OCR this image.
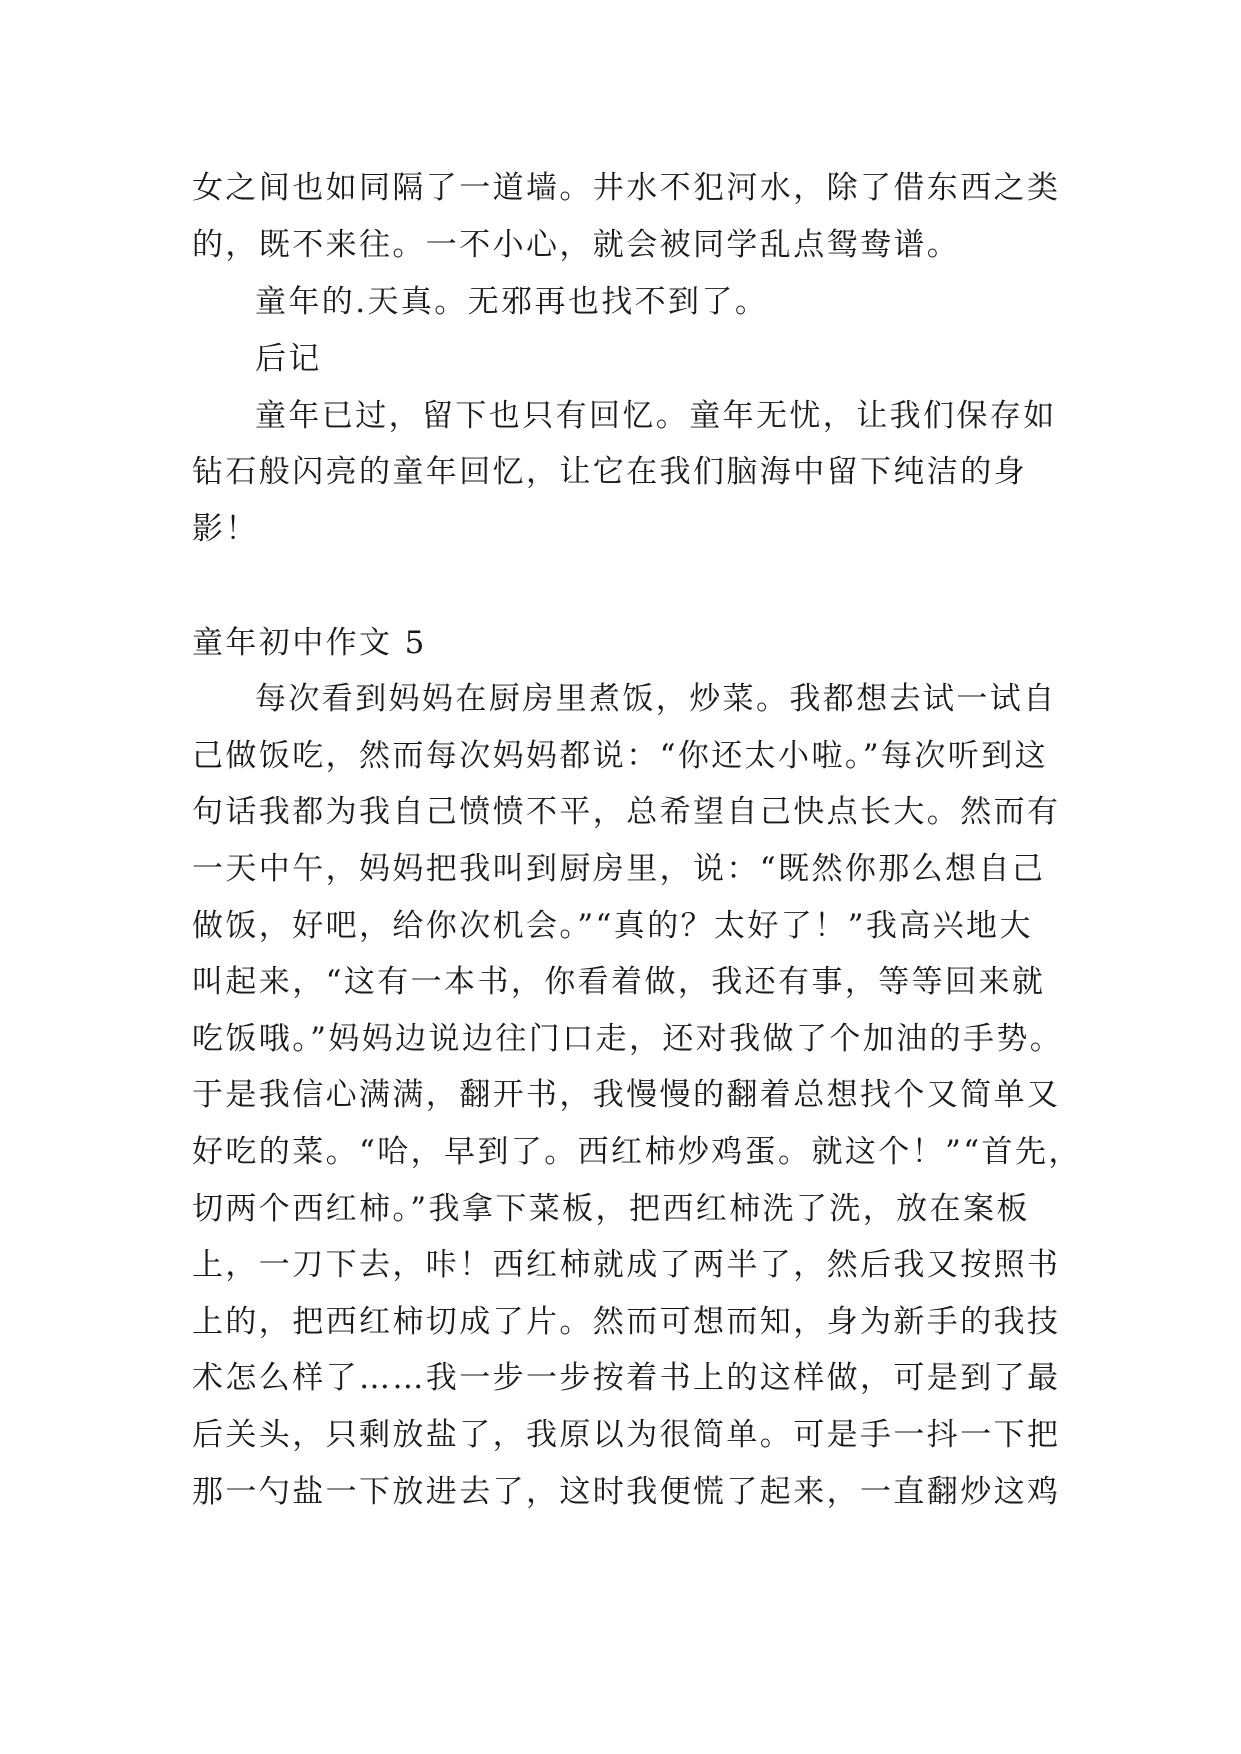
女之间也如同隔了一道墙。井水不犯河水，除了借东西之类
的，既不来往。一不小心，就会被同学乱点鸳鸯谱。
童年的.天真。无邪再也找不到了。
后记
童年已过，留下也只有回忆。童年无忧，让我们保存如
钻石般闪亮的童年回忆，让它在我们脑海中留下纯洁的身
影！
童年初中作文 5
每次看到妈妈在厨房里煮饭，炒菜。我都想去试一试自
己做饭吃，然而每次妈妈都说：“你还太小啦。”每次听到这
句话我都为我自己愤愤不平，总希望自己快点长大。然而有
一天中午，妈妈把我叫到厨房里，说：“既然你那么想自己
做饭，好吧，给你次机会。”“真的？太好了！”我高兴地大
叫起来，“这有一本书，你看着做，我还有事，等等回来就
吃饭哦。”妈妈边说边往门口走，还对我做了个加油的手势。
于是我信心满满，翻开书，我慢慢的翻着总想找个又简单又
好吃的菜。“哈，早到了。西红柿炒鸡蛋。就这个！”“首先，
切两个西红柿。”我拿下菜板，把西红柿洗了洗，放在案板
上，一刀下去，咔！西红柿就成了两半了，然后我又按照书
上的，把西红柿切成了片。然而可想而知，身为新手的我技
术怎么样了……我一步一步按着书上的这样做，可是到了最
后关头，只剩放盐了，我原以为很简单。可是手一抖一下把
那一勺盐一下放进去了，这时我便慌了起来，一直翻炒这鸡
